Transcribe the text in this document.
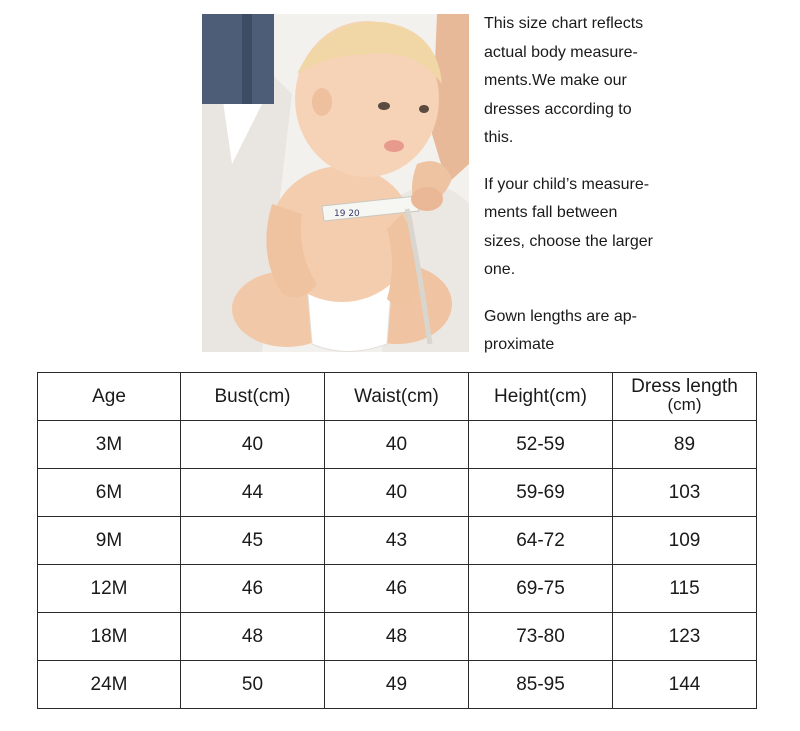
19 20

This size chart reflects
actual body measure-
ments.We make our
dresses according to
this.

If your child’s measure-
ments fall between
sizes, choose the larger
one.

Gown lengths are ap-
proximate

Age	Bust(cm)	Waist(cm)	Height(cm)	Dress length
(cm)

3M	40	40	52-59	89
6M	44	40	59-69	103
9M	45	43	64-72	109
12M	46	46	69-75	115
18M	48	48	73-80	123
24M	50	49	85-95	144
